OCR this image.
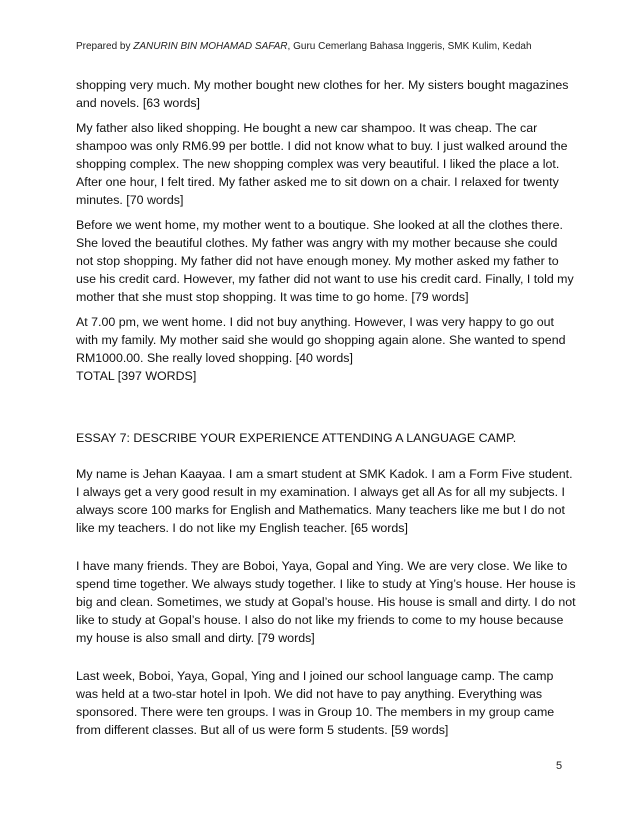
Prepared by ZANURIN BIN MOHAMAD SAFAR, Guru Cemerlang Bahasa Inggeris, SMK Kulim, Kedah

shopping very much. My mother bought new clothes for her. My sisters bought magazines and novels. [63 words]

My father also liked shopping. He bought a new car shampoo. It was cheap. The car shampoo was only RM6.99 per bottle. I did not know what to buy. I just walked around the shopping complex. The new shopping complex was very beautiful. I liked the place a lot. After one hour, I felt tired. My father asked me to sit down on a chair. I relaxed for twenty minutes. [70 words]

Before we went home, my mother went to a boutique. She looked at all the clothes there. She loved the beautiful clothes. My father was angry with my mother because she could not stop shopping. My father did not have enough money. My mother asked my father to use his credit card. However, my father did not want to use his credit card. Finally, I told my mother that she must stop shopping. It was time to go home. [79 words]

At 7.00 pm, we went home. I did not buy anything. However, I was very happy to go out with my family. My mother said she would go shopping again alone. She wanted to spend RM1000.00. She really loved shopping. [40 words]

TOTAL [397 WORDS]

ESSAY 7: DESCRIBE YOUR EXPERIENCE ATTENDING A LANGUAGE CAMP.

My name is Jehan Kaayaa. I am a smart student at SMK Kadok. I am a Form Five student. I always get a very good result in my examination. I always get all As for all my subjects. I always score 100 marks for English and Mathematics. Many teachers like me but I do not like my teachers. I do not like my English teacher. [65 words]

I have many friends. They are Boboi, Yaya, Gopal and Ying. We are very close. We like to spend time together. We always study together. I like to study at Ying’s house. Her house is big and clean. Sometimes, we study at Gopal’s house. His house is small and dirty. I do not like to study at Gopal’s house. I also do not like my friends to come to my house because my house is also small and dirty. [79 words]

Last week, Boboi, Yaya, Gopal, Ying and I joined our school language camp. The camp was held at a two-star hotel in Ipoh. We did not have to pay anything. Everything was sponsored. There were ten groups. I was in Group 10. The members in my group came from different classes. But all of us were form 5 students. [59 words]

5
